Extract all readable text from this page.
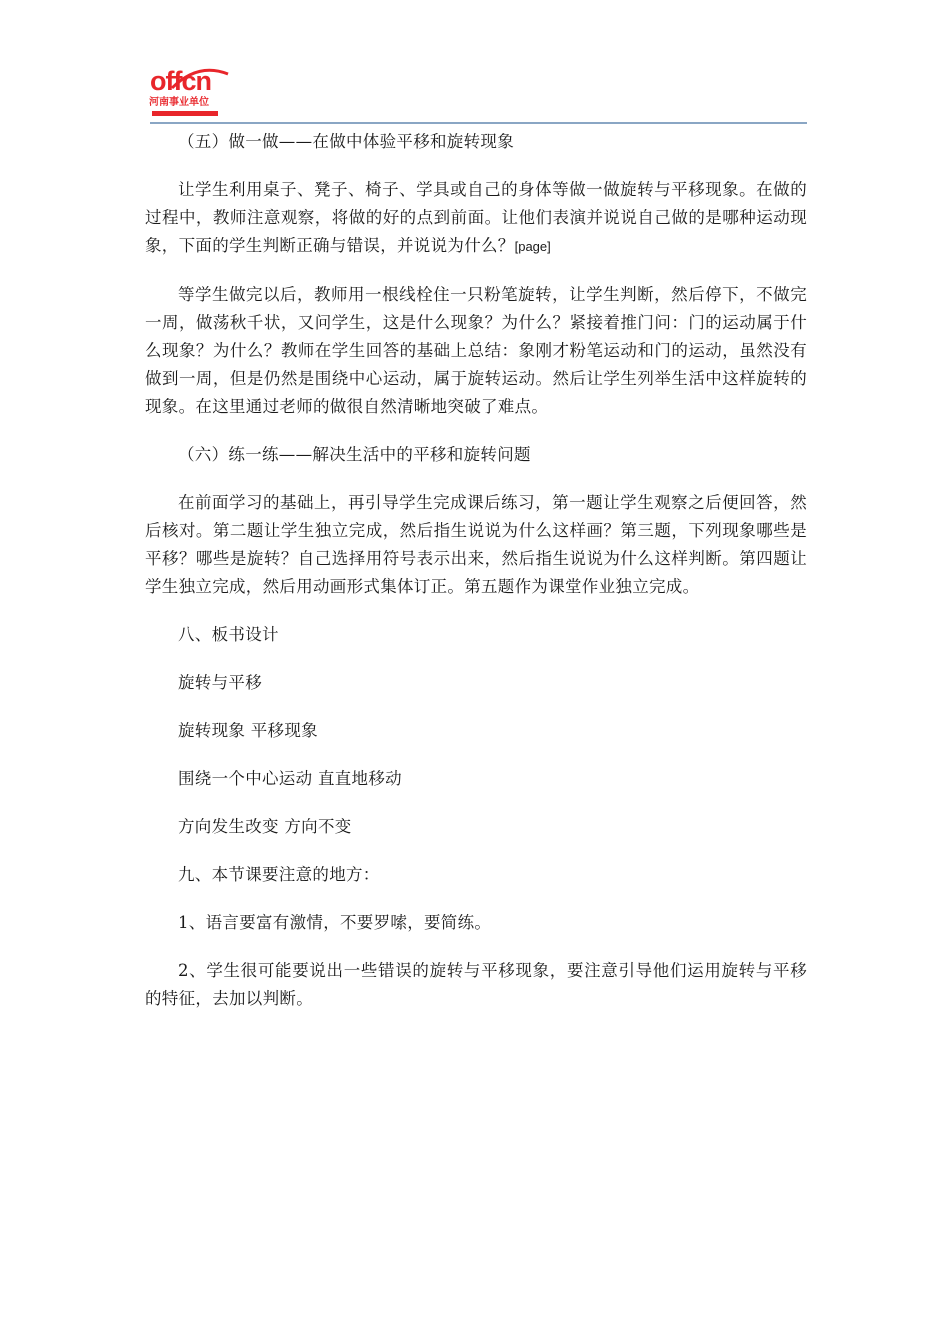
offcn
河南事业单位

（五）做一做——在做中体验平移和旋转现象

让学生利用桌子、凳子、椅子、学具或自己的身体等做一做旋转与平移现象。在做的过程中，教师注意观察，将做的好的点到前面。让他们表演并说说自己做的是哪种运动现象，下面的学生判断正确与错误，并说说为什么？[page]

等学生做完以后，教师用一根线栓住一只粉笔旋转，让学生判断，然后停下，不做完一周，做荡秋千状，又问学生，这是什么现象？为什么？紧接着推门问：门的运动属于什么现象？为什么？教师在学生回答的基础上总结：象刚才粉笔运动和门的运动，虽然没有做到一周，但是仍然是围绕中心运动，属于旋转运动。然后让学生列举生活中这样旋转的现象。在这里通过老师的做很自然清晰地突破了难点。

（六）练一练——解决生活中的平移和旋转问题

在前面学习的基础上，再引导学生完成课后练习，第一题让学生观察之后便回答，然后核对。第二题让学生独立完成，然后指生说说为什么这样画？第三题，下列现象哪些是平移？哪些是旋转？自己选择用符号表示出来，然后指生说说为什么这样判断。第四题让学生独立完成，然后用动画形式集体订正。第五题作为课堂作业独立完成。

八、板书设计

旋转与平移

旋转现象 平移现象

围绕一个中心运动 直直地移动

方向发生改变 方向不变

九、本节课要注意的地方：

1、语言要富有激情，不要罗嗦，要简练。

2、学生很可能要说出一些错误的旋转与平移现象，要注意引导他们运用旋转与平移的特征，去加以判断。
